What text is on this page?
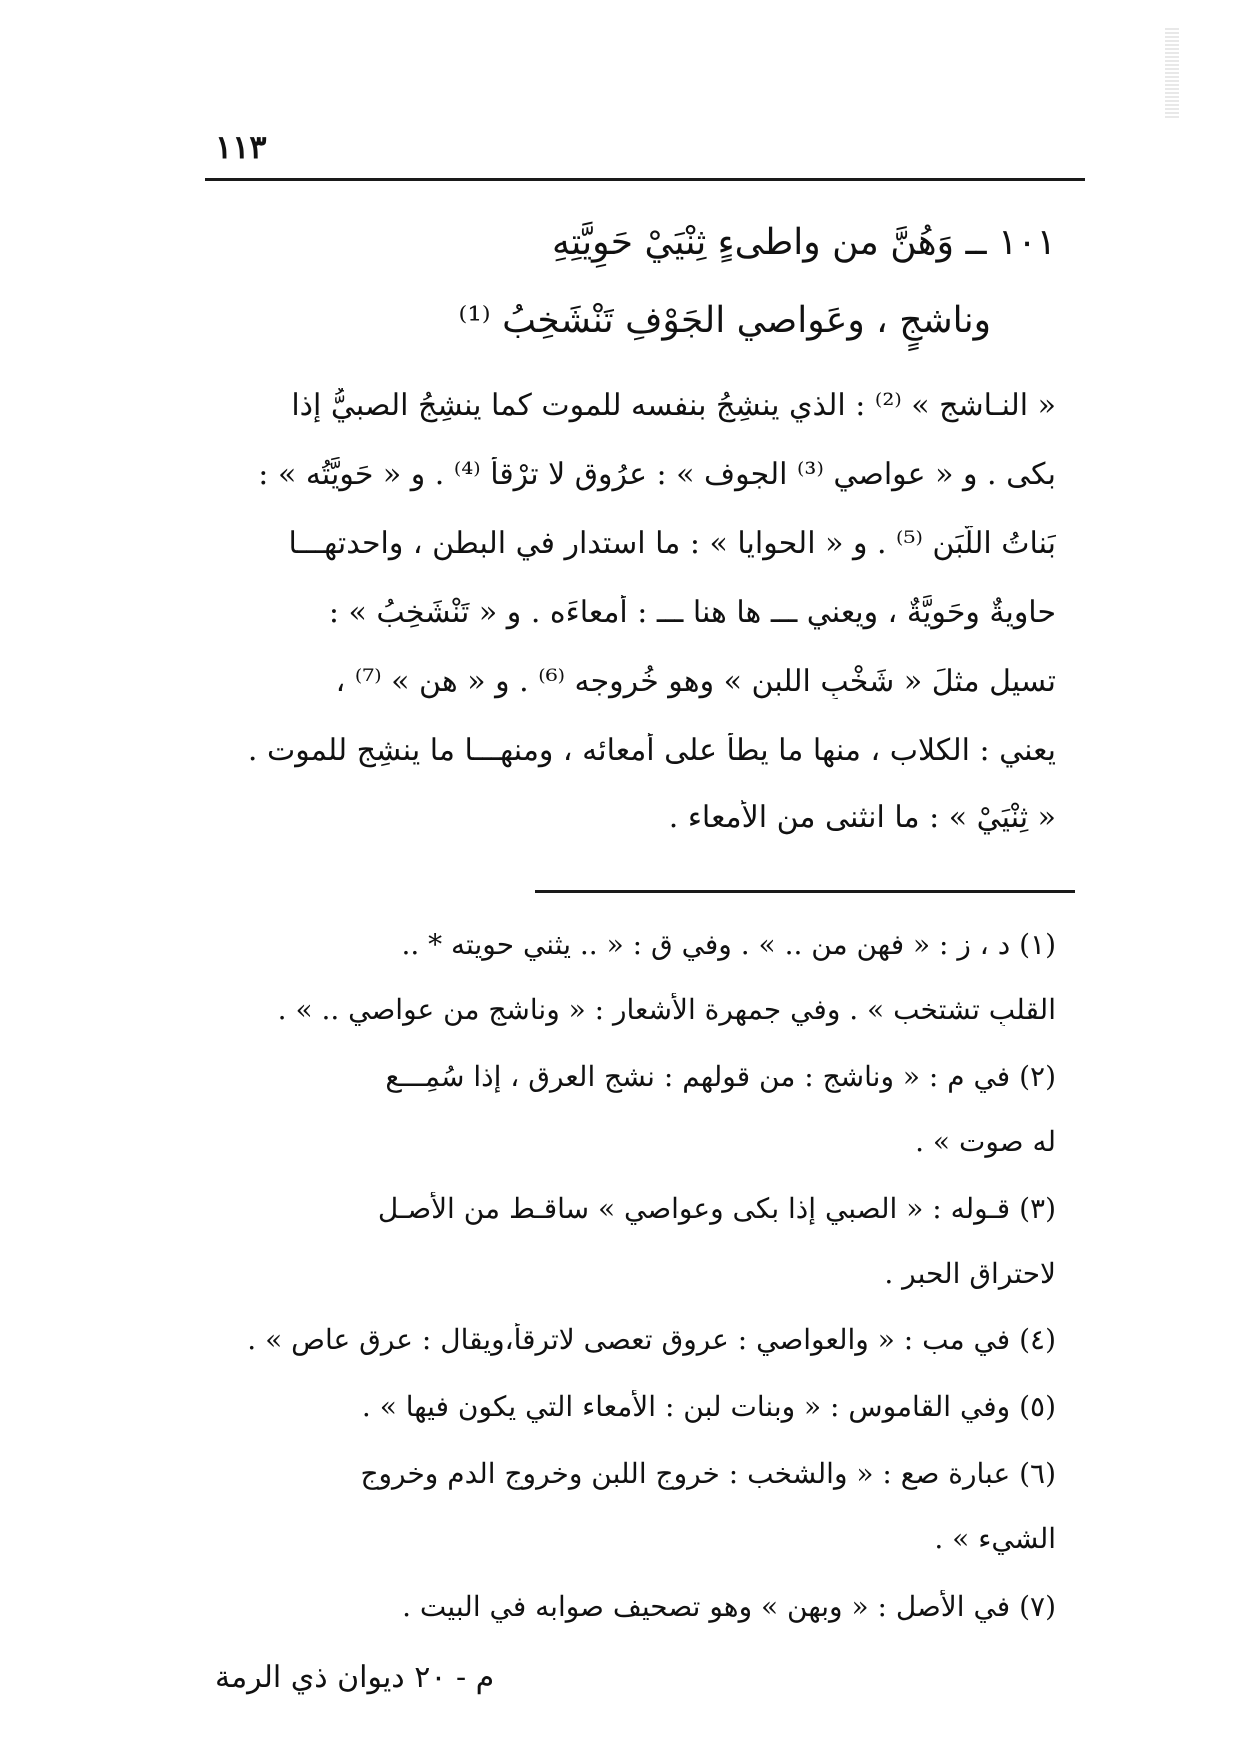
١١٣
١٠١ ــ وَهُنَّ من واطىءٍ ثِنْيَيْ حَوِيَّتِهِ
وناشجٍ ، وعَواصي الجَوْفِ تَنْشَخِبُ ⁽¹⁾
« النـاشج » ⁽²⁾ : الذي ينشِجُ بنفسه للموت كما ينشِجُ الصبيُّ إذا
بكى . و « عواصي ⁽³⁾ الجوف » : عرُوق لا ترْقأ ⁽⁴⁾ . و « حَوِيَّتُه » :
بَناتُ اللَّبَنِ ⁽⁵⁾ . و « الحوايا » : ما استدار في البطن ، واحدتهـــا
حاويةٌ وحَوِيَّةٌ ، ويعني ـــ ها هنا ـــ : أمعاءَه . و « تَنْشَخِبُ » :
تسيل مثلَ « شَخْبِ اللبن » وهو خُروجه ⁽⁶⁾ . و « هن » ⁽⁷⁾ ،
يعني : الكلاب ، منها ما يطأ على أمعائه ، ومنهـــا ما ينشِج للموت .
« ثِنْيَيْ » : ما انثنى من الأمعاء .
(١) د ، ز : « فهن من .. » . وفي ق : « .. يثني حويته * ..
القلبِ تشتخب » . وفي جمهرة الأشعار : « وناشج من عواصي .. » .
(٢) في م : « وناشج : من قولهم : نشج العرق ، إذا سُمِـــع
له صوت » .
(٣) قـوله : « الصبي إذا بكى وعواصي » ساقـط من الأصـل
لاحتراق الحبر .
(٤) في مب : « والعواصي : عروق تعصى لاترقأ،ويقال : عرق عاصٍ » .
(٥) وفي القاموس : « وبنات لبن : الأمعاء التي يكون فيها » .
(٦) عبارة صع : « والشخب : خروج اللبن وخروج الدم وخروج
الشيء » .
(٧) في الأصل : « وبهن » وهو تصحيف صوابه في البيت .
م - ٢٠ ديوان ذي الرمة
